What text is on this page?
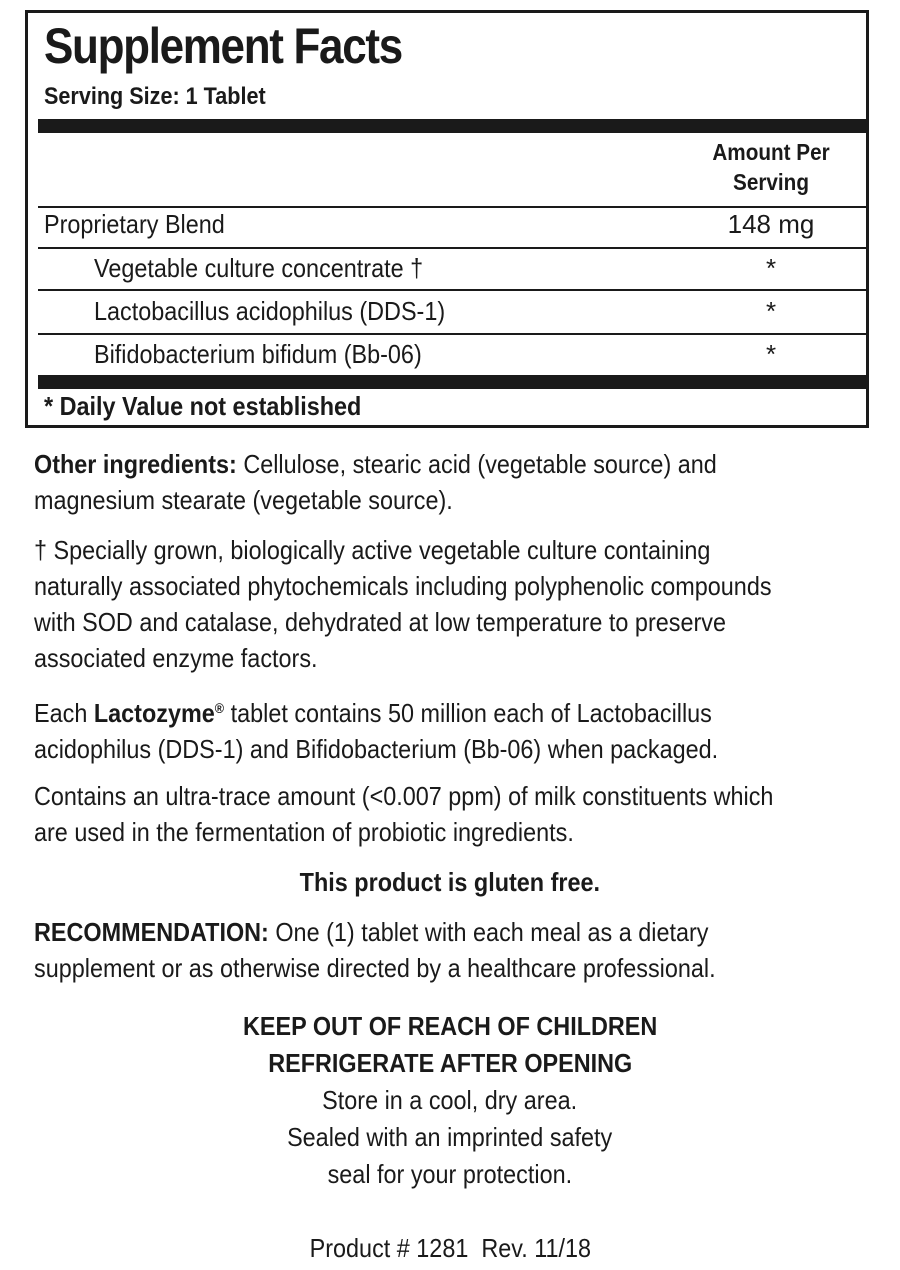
Supplement Facts
Serving Size: 1 Tablet
Amount Per
Serving
Proprietary Blend	148 mg
Vegetable culture concentrate †	*
Lactobacillus acidophilus (DDS-1)	*
Bifidobacterium bifidum (Bb-06)	*
* Daily Value not established
Other ingredients: Cellulose, stearic acid (vegetable source) and
magnesium stearate (vegetable source).
† Specially grown, biologically active vegetable culture containing
naturally associated phytochemicals including polyphenolic compounds
with SOD and catalase, dehydrated at low temperature to preserve
associated enzyme factors.
Each Lactozyme® tablet contains 50 million each of Lactobacillus
acidophilus (DDS-1) and Bifidobacterium (Bb-06) when packaged.
Contains an ultra-trace amount (<0.007 ppm) of milk constituents which
are used in the fermentation of probiotic ingredients.
This product is gluten free.
RECOMMENDATION: One (1) tablet with each meal as a dietary
supplement or as otherwise directed by a healthcare professional.
KEEP OUT OF REACH OF CHILDREN
REFRIGERATE AFTER OPENING
Store in a cool, dry area.
Sealed with an imprinted safety
seal for your protection.
Product # 1281  Rev. 11/18
